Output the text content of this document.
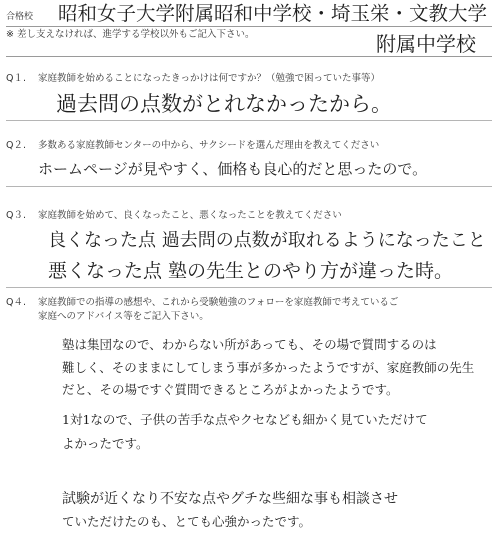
合格校 昭和女子大学附属昭和中学校・埼玉栄・文教大学
※ 差し支えなければ、進学する学校以外もご記入下さい。	附属中学校
Q１. 家庭教師を始めることになったきっかけは何ですか？（勉強で困っていた事等）
過去問の点数がとれなかったから。
Q２. 多数ある家庭教師センターの中から、サクシードを選んだ理由を教えてください
ホームページが見やすく、価格も良心的だと思ったので。
Q３. 家庭教師を始めて、良くなったこと、悪くなったことを教えてください
良くなった点 過去問の点数が取れるようになったこと
悪くなった点 塾の先生とのやり方が違った時。
Q４. 家庭教師での指導の感想や、これから受験勉強のフォローを家庭教師で考えているご
家庭へのアドバイス等をご記入下さい。
塾は集団なので、わからない所があっても、その場で質問するのは
難しく、そのままにしてしまう事が多かったようですが、家庭教師の先生
だと、その場ですぐ質問できるところがよかったようです。
1対1なので、子供の苦手な点やクセなども細かく見ていただけて
よかったです。
試験が近くなり不安な点やグチな些細な事も相談させ
ていただけたのも、とても心強かったです。
